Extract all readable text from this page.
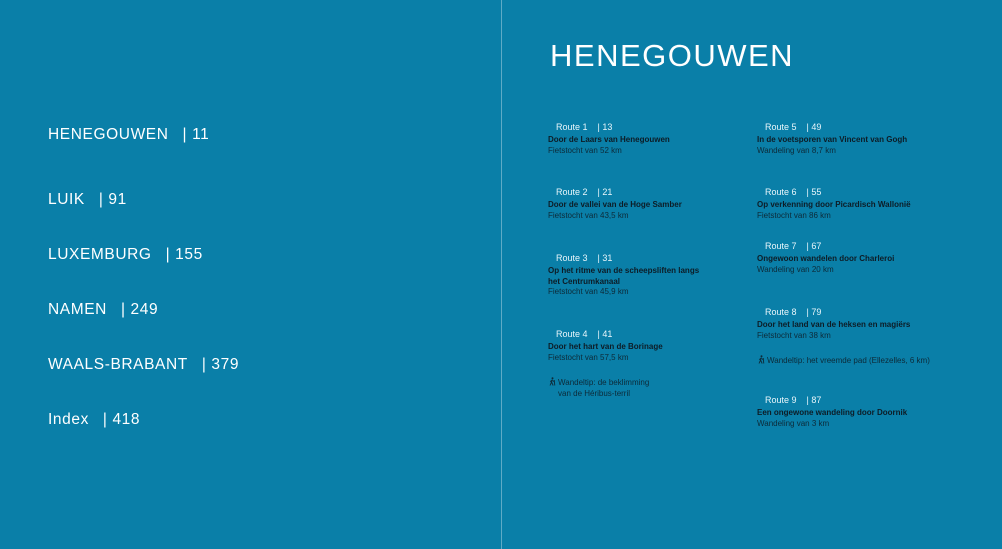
HENEGOUWEN | 11
LUIK | 91
LUXEMBURG | 155
NAMEN | 249
WAALS-BRABANT | 379
Index | 418
HENEGOUWEN
Route 1 | 13
Door de Laars van Henegouwen
Fietstocht van 52 km
Route 2 | 21
Door de vallei van de Hoge Samber
Fietstocht van 43,5 km
Route 3 | 31
Op het ritme van de scheepsliften langs het Centrumkanaal
Fietstocht van 45,9 km
Route 4 | 41
Door het hart van de Borinage
Fietstocht van 57,5 km
Wandeltip: de beklimming
van de Héribus-terril
Route 5 | 49
In de voetsporen van Vincent van Gogh
Wandeling van 8,7 km
Route 6 | 55
Op verkenning door Picardisch Wallonië
Fietstocht van 86 km
Route 7 | 67
Ongewoon wandelen door Charleroi
Wandeling van 20 km
Route 8 | 79
Door het land van de heksen en magiërs
Fietstocht van 38 km
Wandeltip: het vreemde pad (Ellezelles, 6 km)
Route 9 | 87
Een ongewone wandeling door Doornik
Wandeling van 3 km
